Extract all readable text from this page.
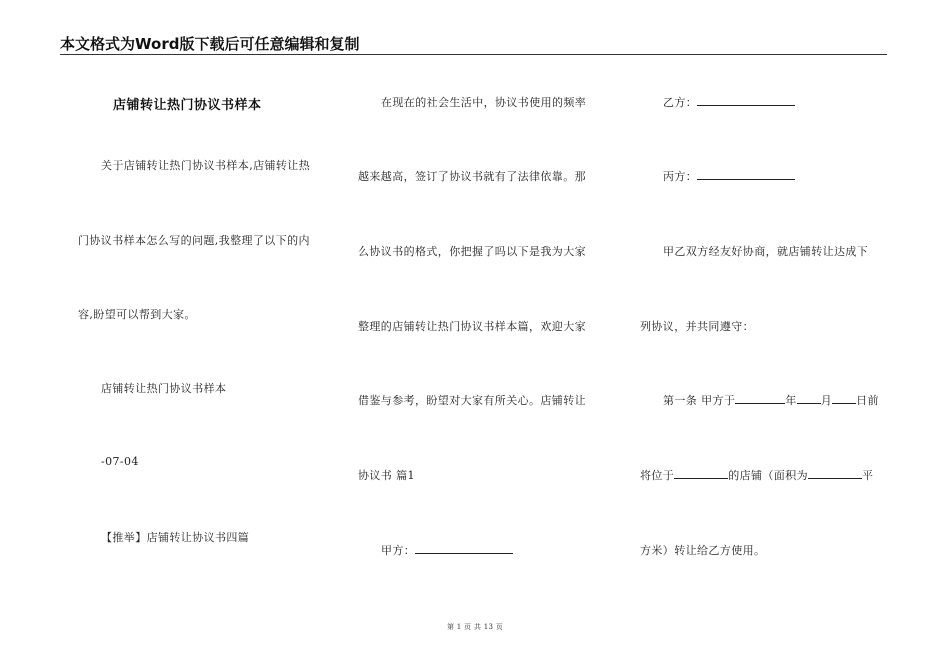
本文格式为Word版下载后可任意编辑和复制
店铺转让热门协议书样本
关于店铺转让热门协议书样本,店铺转让热
门协议书样本怎么写的问题,我整理了以下的内
容,盼望可以帮到大家。
店铺转让热门协议书样本
-07-04
【推举】店铺转让协议书四篇
在现在的社会生活中，协议书使用的频率
越来越高，签订了协议书就有了法律依靠。那
么协议书的格式，你把握了吗以下是我为大家
整理的店铺转让热门协议书样本篇，欢迎大家
借鉴与参考，盼望对大家有所关心。店铺转让
协议书 篇1
甲方：
乙方：
丙方：
甲乙双方经友好协商，就店铺转让达成下
列协议，并共同遵守：
第一条 甲方于	年 月 日前
将位于	的店铺（面积为	平
方米）转让给乙方使用。
第 1 页 共 13 页
